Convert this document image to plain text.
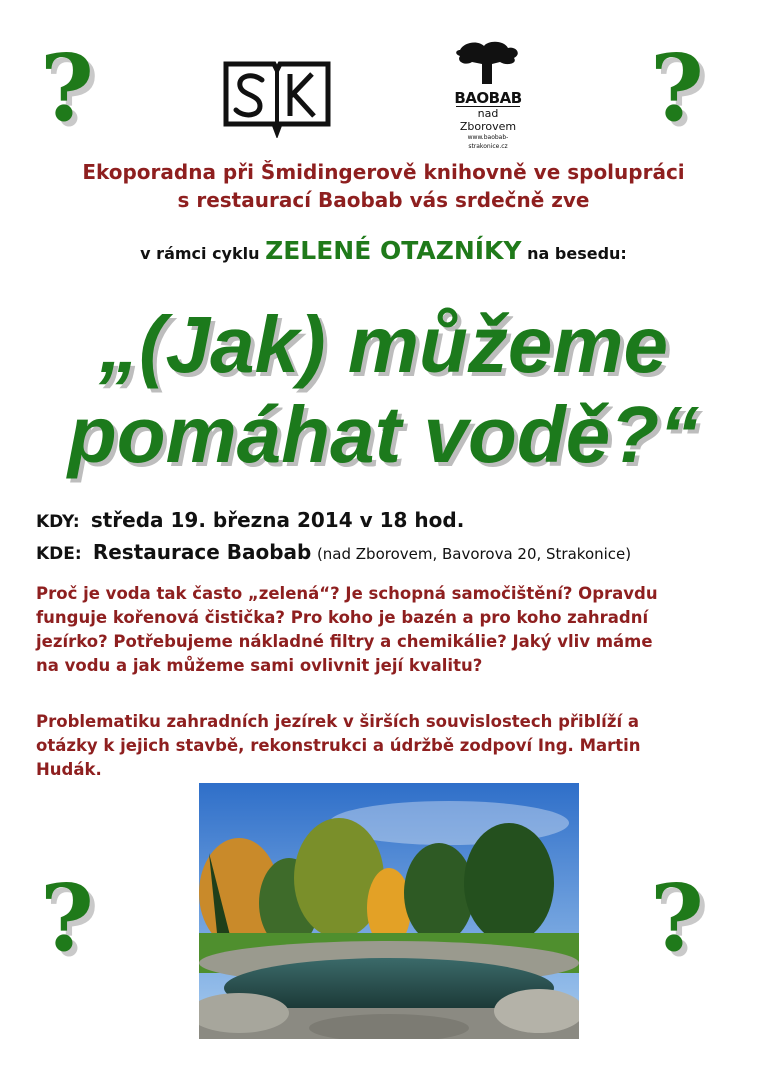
?	?
?	?
BAOBAB
nad Zborovem
www.baobab-strakonice.cz
Ekoporadna při Šmidingerově knihovně ve spolupráci
s restaurací Baobab vás srdečně zve
v rámci cyklu ZELENÉ OTAZNÍKY na besedu:
„(Jak) můžeme
pomáhat vodě?“
KDY: středa 19. března 2014 v 18 hod.
KDE: Restaurace Baobab (nad Zborovem, Bavorova 20, Strakonice)
Proč je voda tak často „zelená“? Je schopná samočištění? Opravdu
funguje kořenová čistička? Pro koho je bazén a pro koho zahradní
jezírko? Potřebujeme nákladné filtry a chemikálie? Jaký vliv máme
na vodu a jak můžeme sami ovlivnit její kvalitu?
Problematiku zahradních jezírek v širších souvislostech přiblíží a
otázky k jejich stavbě, rekonstrukci a údržbě zodpoví Ing. Martin
Hudák.
